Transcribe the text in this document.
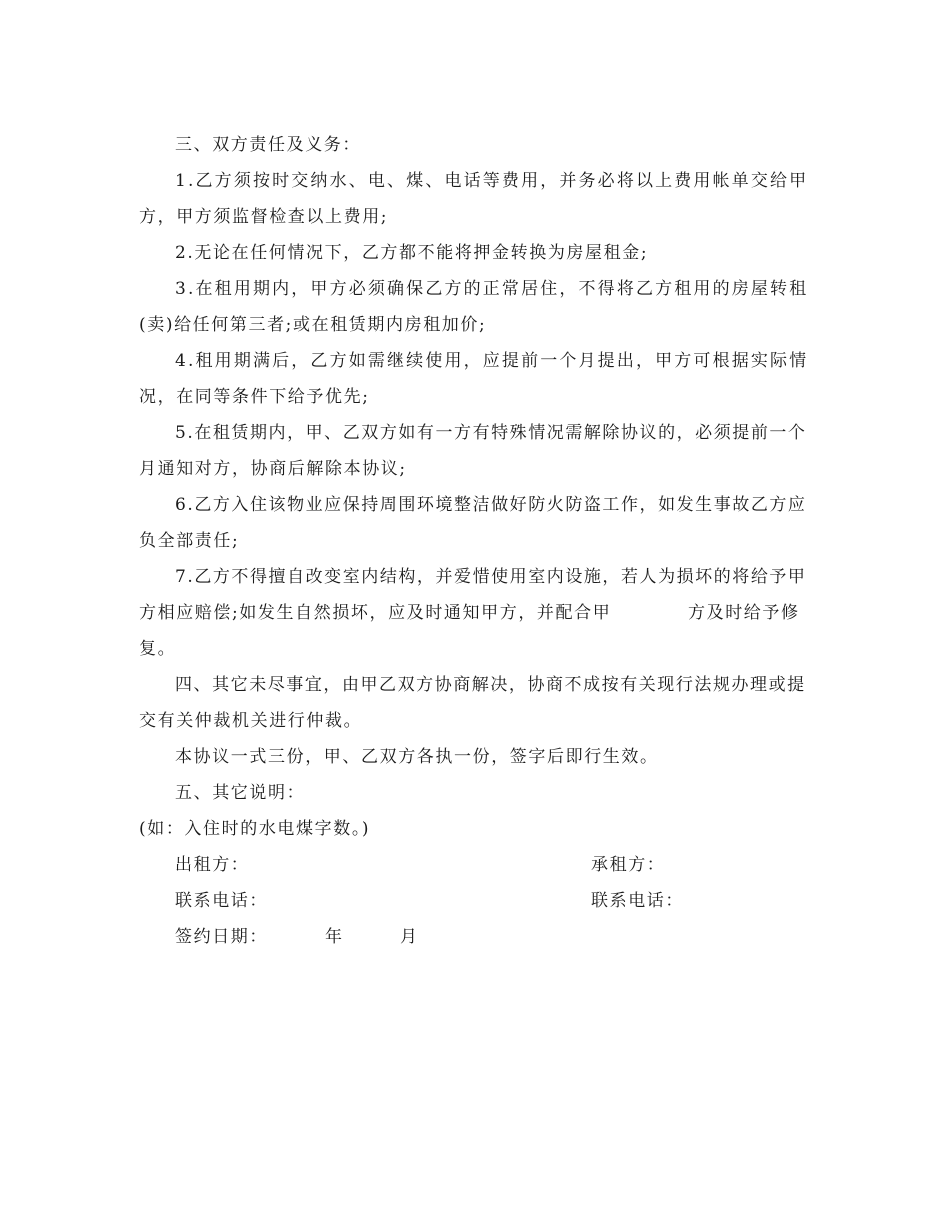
三、双方责任及义务：
1.乙方须按时交纳水、电、煤、电话等费用，并务必将以上费用帐单交给甲
方，甲方须监督检查以上费用;
2.无论在任何情况下，乙方都不能将押金转换为房屋租金;
3.在租用期内，甲方必须确保乙方的正常居住，不得将乙方租用的房屋转租
(卖)给任何第三者;或在租赁期内房租加价;
4.租用期满后，乙方如需继续使用，应提前一个月提出，甲方可根据实际情
况，在同等条件下给予优先;
5.在租赁期内，甲、乙双方如有一方有特殊情况需解除协议的，必须提前一个
月通知对方，协商后解除本协议;
6.乙方入住该物业应保持周围环境整洁做好防火防盗工作，如发生事故乙方应
负全部责任;
7.乙方不得擅自改变室内结构，并爱惜使用室内设施，若人为损坏的将给予甲
方相应赔偿;如发生自然损坏，应及时通知甲方，并配合甲	方及时给予修
复。
四、其它未尽事宜，由甲乙双方协商解决，协商不成按有关现行法规办理或提
交有关仲裁机关进行仲裁。
本协议一式三份，甲、乙双方各执一份，签字后即行生效。
五、其它说明：
(如：入住时的水电煤字数。)
出租方：	承租方：
联系电话：	联系电话：
签约日期：	年	月
